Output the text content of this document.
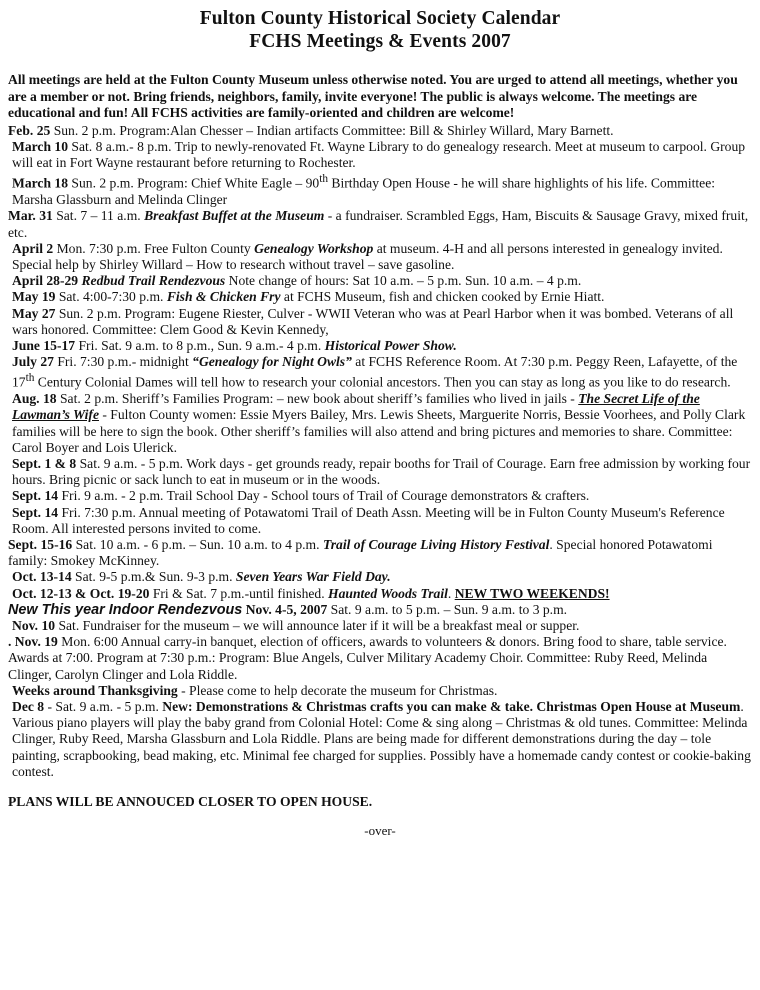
Fulton County Historical Society Calendar
FCHS Meetings & Events 2007

All meetings are held at the Fulton County Museum unless otherwise noted. You are urged to attend all meetings, whether you are a member or not. Bring friends, neighbors, family, invite everyone! The public is always welcome. The meetings are educational and fun! All FCHS activities are family-oriented and children are welcome!

Feb. 25 Sun. 2 p.m. Program:Alan Chesser – Indian artifacts Committee: Bill & Shirley Willard, Mary Barnett.

March 10 Sat. 8 a.m.- 8 p.m. Trip to newly-renovated Ft. Wayne Library to do genealogy research. Meet at museum to carpool. Group will eat in Fort Wayne restaurant before returning to Rochester.

March 18 Sun. 2 p.m. Program: Chief White Eagle – 90th Birthday Open House - he will share highlights of his life. Committee: Marsha Glassburn and Melinda Clinger

Mar. 31 Sat. 7 – 11 a.m. Breakfast Buffet at the Museum - a fundraiser. Scrambled Eggs, Ham, Biscuits & Sausage Gravy, mixed fruit, etc.

April 2 Mon. 7:30 p.m. Free Fulton County Genealogy Workshop at museum. 4-H and all persons interested in genealogy invited. Special help by Shirley Willard – How to research without travel – save gasoline.

April 28-29 Redbud Trail Rendezvous Note change of hours: Sat 10 a.m. – 5 p.m. Sun. 10 a.m. – 4 p.m.

May 19 Sat. 4:00-7:30 p.m. Fish & Chicken Fry at FCHS Museum, fish and chicken cooked by Ernie Hiatt.

May 27 Sun. 2 p.m. Program: Eugene Riester, Culver - WWII Veteran who was at Pearl Harbor when it was bombed. Veterans of all wars honored. Committee: Clem Good & Kevin Kennedy,

June 15-17 Fri. Sat. 9 a.m. to 8 p.m., Sun. 9 a.m.- 4 p.m. Historical Power Show.

July 27 Fri. 7:30 p.m.- midnight “Genealogy for Night Owls” at FCHS Reference Room. At 7:30 p.m. Peggy Reen, Lafayette, of the 17th Century Colonial Dames will tell how to research your colonial ancestors. Then you can stay as long as you like to do research.

Aug. 18 Sat. 2 p.m. Sheriff’s Families Program: – new book about sheriff’s families who lived in jails - The Secret Life of the Lawman’s Wife - Fulton County women: Essie Myers Bailey, Mrs. Lewis Sheets, Marguerite Norris, Bessie Voorhees, and Polly Clark families will be here to sign the book. Other sheriff’s families will also attend and bring pictures and memories to share. Committee: Carol Boyer and Lois Ulerick.

Sept. 1 & 8 Sat. 9 a.m. - 5 p.m. Work days - get grounds ready, repair booths for Trail of Courage. Earn free admission by working four hours. Bring picnic or sack lunch to eat in museum or in the woods.

Sept. 14 Fri. 9 a.m. - 2 p.m. Trail School Day - School tours of Trail of Courage demonstrators & crafters.

Sept. 14 Fri. 7:30 p.m. Annual meeting of Potawatomi Trail of Death Assn. Meeting will be in Fulton County Museum's Reference Room. All interested persons invited to come.

Sept. 15-16 Sat. 10 a.m. - 6 p.m. – Sun. 10 a.m. to 4 p.m. Trail of Courage Living History Festival. Special honored Potawatomi family: Smokey McKinney.

Oct. 13-14 Sat. 9-5 p.m.& Sun. 9-3 p.m. Seven Years War Field Day.

Oct. 12-13 & Oct. 19-20 Fri & Sat. 7 p.m.-until finished. Haunted Woods Trail. NEW TWO WEEKENDS!

New This year Indoor Rendezvous Nov. 4-5, 2007 Sat. 9 a.m. to 5 p.m. – Sun. 9 a.m. to 3 p.m.

Nov. 10 Sat. Fundraiser for the museum – we will announce later if it will be a breakfast meal or supper.

. Nov. 19 Mon. 6:00 Annual carry-in banquet, election of officers, awards to volunteers & donors. Bring food to share, table service. Awards at 7:00. Program at 7:30 p.m.: Program: Blue Angels, Culver Military Academy Choir. Committee: Ruby Reed, Melinda Clinger, Carolyn Clinger and Lola Riddle.

Weeks around Thanksgiving - Please come to help decorate the museum for Christmas.

Dec 8 - Sat. 9 a.m. - 5 p.m. New: Demonstrations & Christmas crafts you can make & take. Christmas Open House at Museum. Various piano players will play the baby grand from Colonial Hotel: Come & sing along – Christmas & old tunes. Committee: Melinda Clinger, Ruby Reed, Marsha Glassburn and Lola Riddle. Plans are being made for different demonstrations during the day – tole painting, scrapbooking, bead making, etc. Minimal fee charged for supplies. Possibly have a homemade candy contest or cookie-baking contest.

PLANS WILL BE ANNOUCED CLOSER TO OPEN HOUSE.

-over-
